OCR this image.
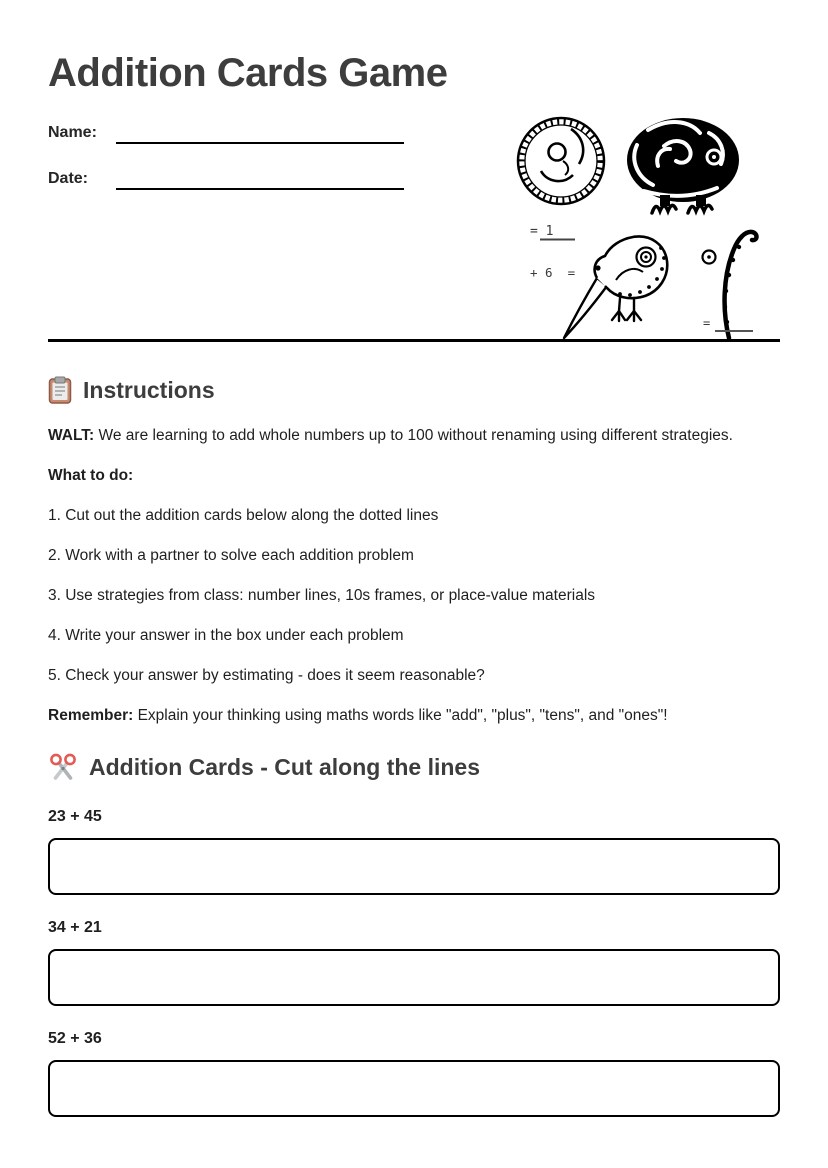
Addition Cards Game
Name:
Date:
= 1
+ 6  =
=
Instructions

WALT: We are learning to add whole numbers up to 100 without renaming using different strategies.

What to do:

1. Cut out the addition cards below along the dotted lines

2. Work with a partner to solve each addition problem

3. Use strategies from class: number lines, 10s frames, or place-value materials

4. Write your answer in the box under each problem

5. Check your answer by estimating - does it seem reasonable?

Remember: Explain your thinking using maths words like "add", "plus", "tens", and "ones"!

Addition Cards - Cut along the lines

23 + 45

34 + 21

52 + 36
